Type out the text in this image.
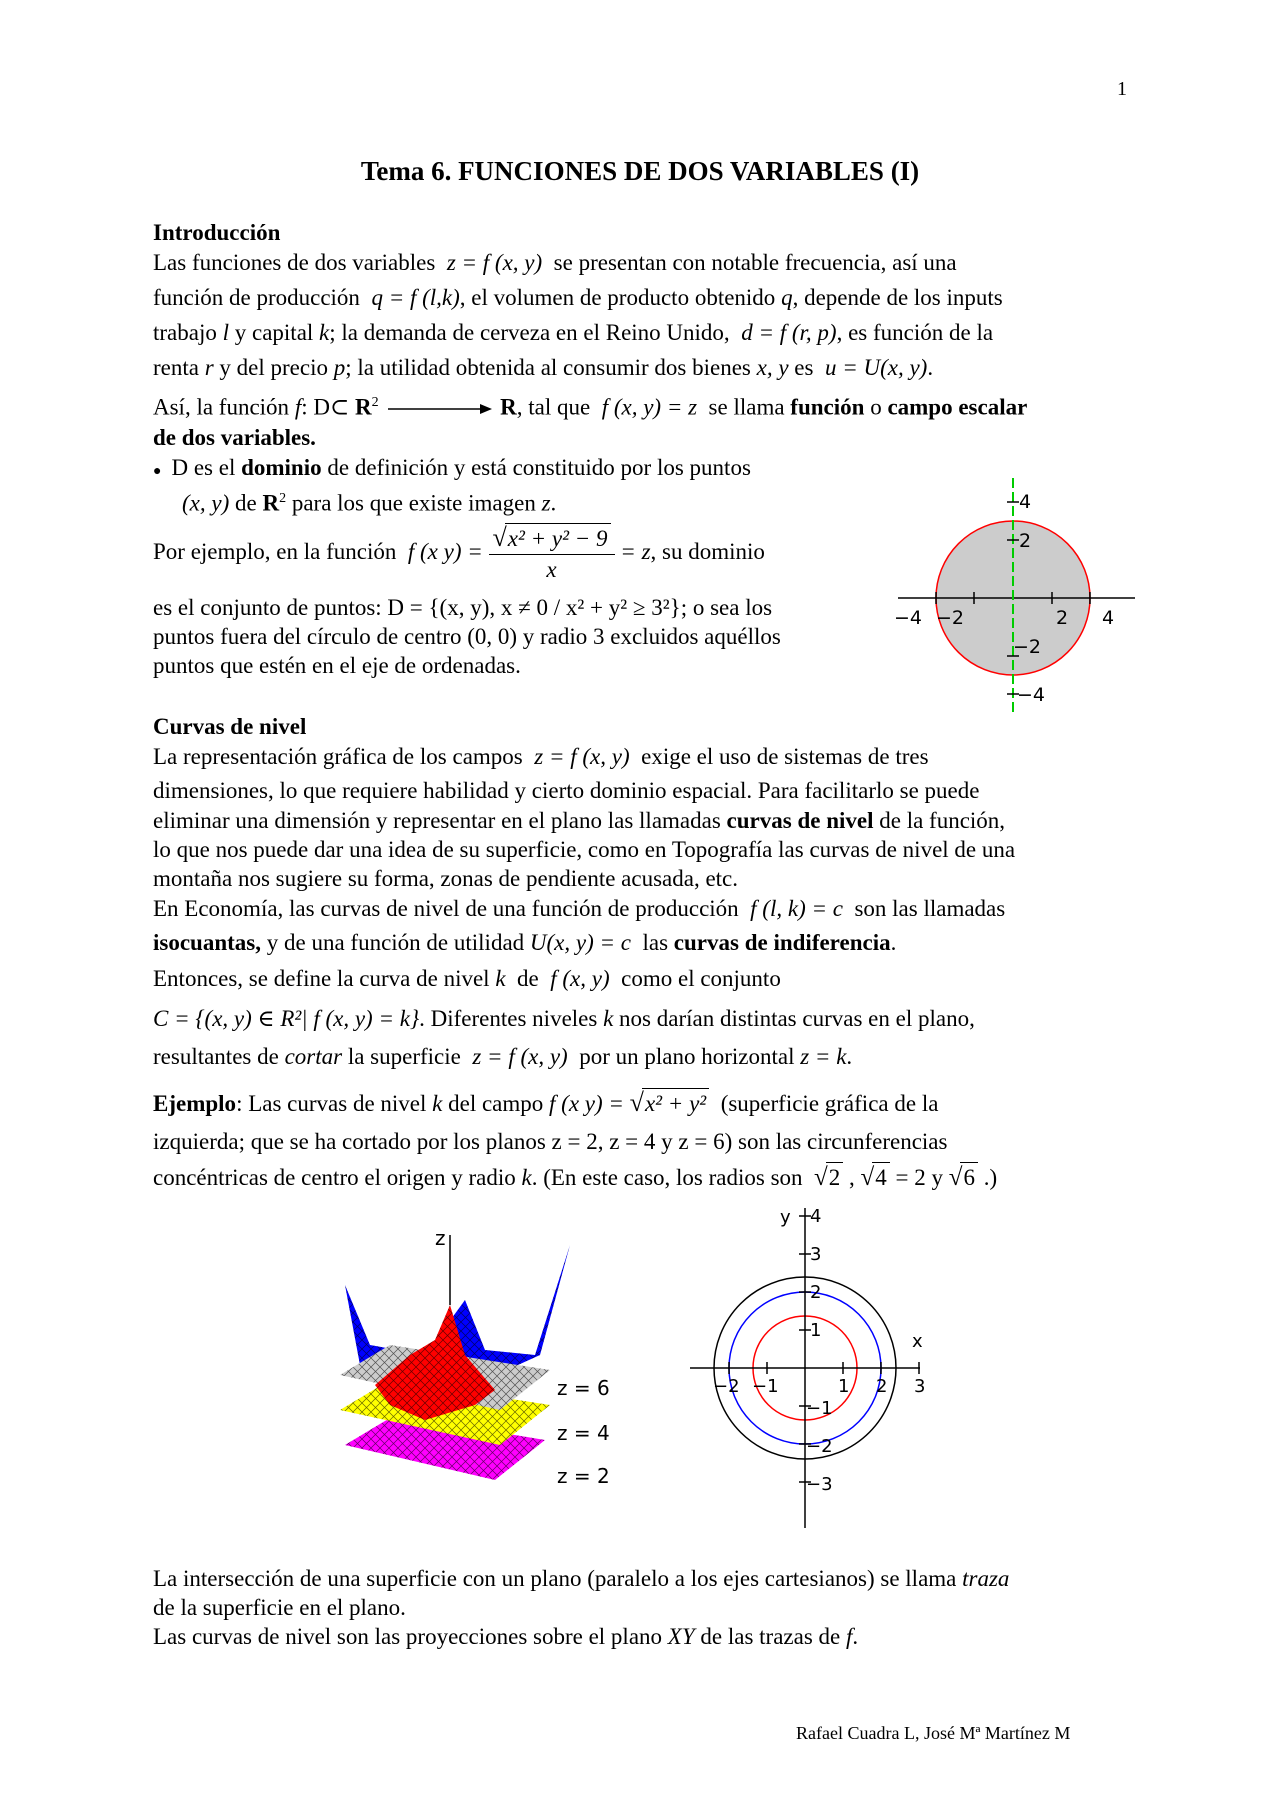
1
Tema 6. FUNCIONES DE DOS VARIABLES (I)
Introducción
Las funciones de dos variables z = f (x, y) se presentan con notable frecuencia, así una
función de producción q = f (l,k), el volumen de producto obtenido q, depende de los inputs
trabajo l y capital k; la demanda de cerveza en el Reino Unido, d = f (r, p), es función de la
renta r y del precio p; la utilidad obtenida al consumir dos bienes x, y es u = U(x, y).
Así, la función f: D⊂ $R^2$	R, tal que f (x, y) = z se llama función o campo escalar
de dos variables.
● D es el dominio de definición y está constituido por los puntos
(x, y) de $R^2$ para los que existe imagen z.
Por ejemplo, en la función f (x $y) = \frac{\text{√x² + y² − 9}}{x} = z$, su dominio
es el conjunto de puntos: D = {(x, y), x ≠ 0 / x² + y² ≥ 3²}; o sea los
puntos fuera del círculo de centro (0, 0) y radio 3 excluidos aquéllos
puntos que estén en el eje de ordenadas.
4
2
−2
−4
−4 −2	2 4
Curvas de nivel
La representación gráfica de los campos z = f (x, y) exige el uso de sistemas de tres
dimensiones, lo que requiere habilidad y cierto dominio espacial. Para facilitarlo se puede
eliminar una dimensión y representar en el plano las llamadas curvas de nivel de la función,
lo que nos puede dar una idea de su superficie, como en Topografía las curvas de nivel de una
montaña nos sugiere su forma, zonas de pendiente acusada, etc.
En Economía, las curvas de nivel de una función de producción f (l, k) = c son las llamadas
isocuantas, y de una función de utilidad U(x, y) = c las curvas de indiferencia.
Entonces, se define la curva de nivel k de f (x, y) como el conjunto
C = {(x, y) ∈ R²| f (x, y) = k}. Diferentes niveles k nos darían distintas curvas en el plano,
resultantes de cortar la superficie z = f (x, y) por un plano horizontal z = k.
Ejemplo: Las curvas de nivel k del campo f (x y) = √x² + y² (superficie gráfica de la
izquierda; que se ha cortado por los planos z = 2, z = 4 y z = 6) son las circunferencias
concéntricas de centro el origen y radio k. (En este caso, los radios son √2 , √4 = 2 y √6 .)
z
z = 6
z = 4
z = 2
y
x
4
3
2
1
−1
−2
−3
−2 −1	1 2 3
La intersección de una superficie con un plano (paralelo a los ejes cartesianos) se llama traza
de la superficie en el plano.
Las curvas de nivel son las proyecciones sobre el plano XY de las trazas de f.
Rafael Cuadra L, José Mª Martínez M
